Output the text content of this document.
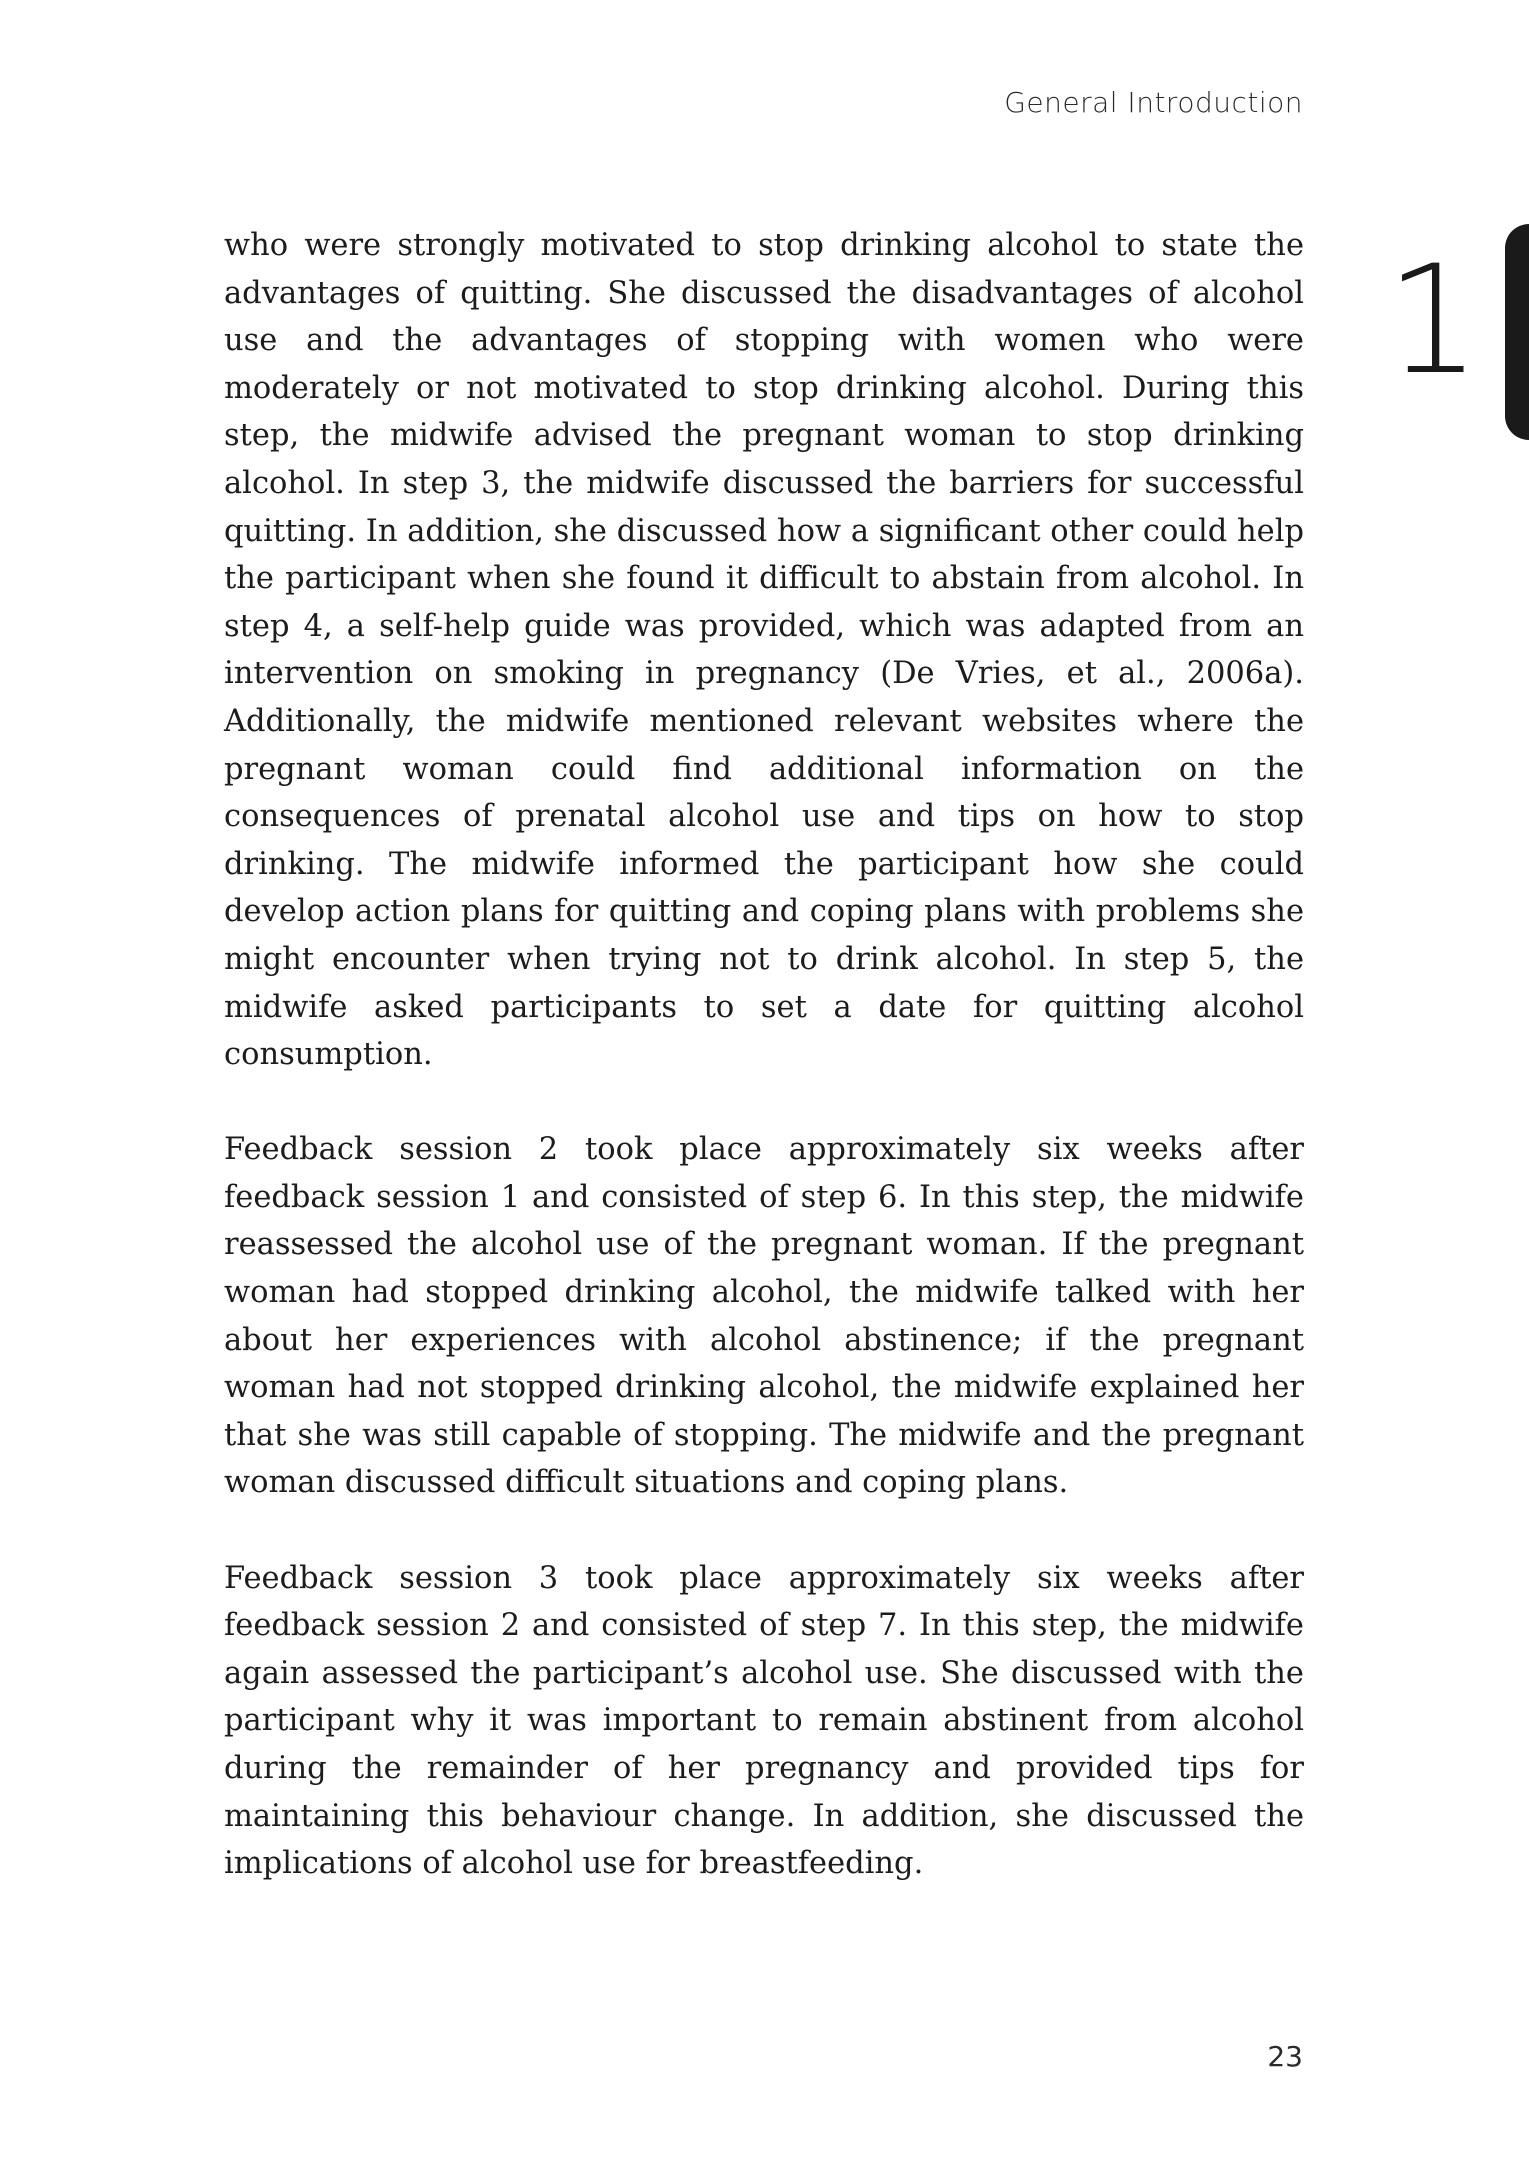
General Introduction
1

who were strongly motivated to stop drinking alcohol to state the advantages of quitting. She discussed the disadvantages of alcohol use and the advantages of stopping with women who were moderately or not motivated to stop drinking alcohol. During this step, the midwife advised the pregnant woman to stop drinking alcohol. In step 3, the midwife discussed the barriers for successful quitting. In addition, she discussed how a significant other could help the participant when she found it difficult to abstain from alcohol. In step 4, a self-help guide was provided, which was adapted from an intervention on smoking in pregnancy (De Vries, et al., 2006a). Additionally, the midwife mentioned relevant websites where the pregnant woman could find additional information on the consequences of prenatal alcohol use and tips on how to stop drinking. The midwife informed the participant how she could develop action plans for quitting and coping plans with problems she might encounter when trying not to drink alcohol. In step 5, the midwife asked participants to set a date for quitting alcohol consumption.

Feedback session 2 took place approximately six weeks after feedback session 1 and consisted of step 6. In this step, the midwife reassessed the alcohol use of the pregnant woman. If the pregnant woman had stopped drinking alcohol, the midwife talked with her about her experiences with alcohol abstinence; if the pregnant woman had not stopped drinking alcohol, the midwife explained her that she was still capable of stopping. The midwife and the pregnant woman discussed difficult situations and coping plans.

Feedback session 3 took place approximately six weeks after feedback session 2 and consisted of step 7. In this step, the midwife again assessed the participant’s alcohol use. She discussed with the participant why it was important to remain abstinent from alcohol during the remainder of her pregnancy and provided tips for maintaining this behaviour change. In addition, she discussed the implications of alcohol use for breastfeeding.

23
